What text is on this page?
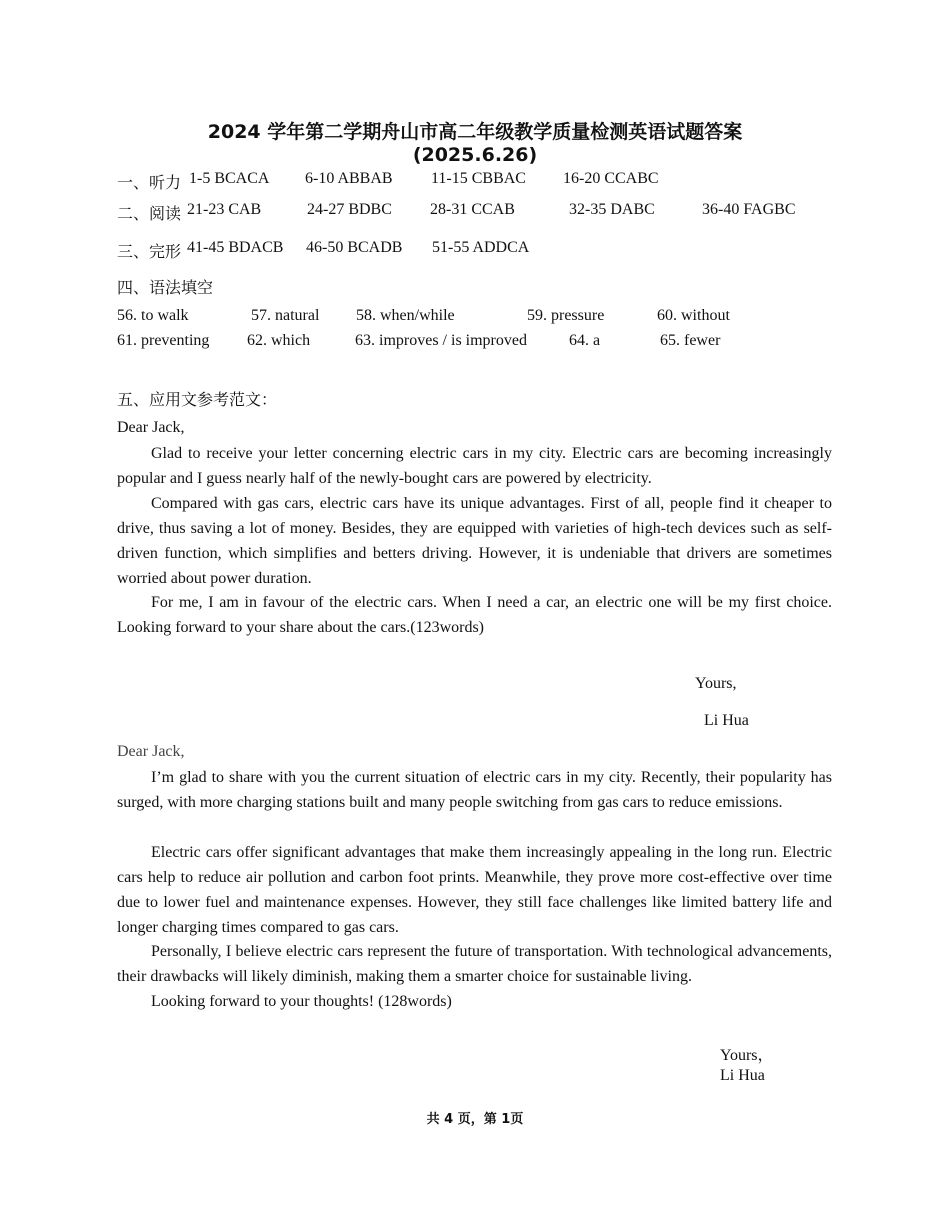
2024 学年第二学期舟山市高二年级教学质量检测英语试题答案
(2025.6.26)
一、听力 1-5 BCACA 6-10 ABBAB 11-15 CBBAC 16-20 CCABC
二、阅读 21-23 CAB	24-27 BDBC 28-31 CCAB	32-35 DABC	36-40 FAGBC
三、完形 41-45 BDACB 46-50 BCADB 51-55 ADDCA
四、语法填空
56. to walk	57. natural 58. when/while	59. pressure	60. without
61. preventing 62. which	63. improves / is improved	64. a	65. fewer
五、应用文参考范文：
Dear Jack,
Glad to receive your letter concerning electric cars in my city. Electric cars are becoming increasingly popular and I guess nearly half of the newly-bought cars are powered by electricity.
Compared with gas cars, electric cars have its unique advantages. First of all, people find it cheaper to drive, thus saving a lot of money. Besides, they are equipped with varieties of high-tech devices such as self-driven function, which simplifies and betters driving. However, it is undeniable that drivers are sometimes worried about power duration.
For me, I am in favour of the electric cars. When I need a car, an electric one will be my first choice. Looking forward to your share about the cars.(123words)
Yours,
Li Hua
Dear Jack,
I’m glad to share with you the current situation of electric cars in my city. Recently, their popularity has surged, with more charging stations built and many people switching from gas cars to reduce emissions.
Electric cars offer significant advantages that make them increasingly appealing in the long run. Electric cars help to reduce air pollution and carbon foot prints. Meanwhile, they prove more cost-effective over time due to lower fuel and maintenance expenses. However, they still face challenges like limited battery life and longer charging times compared to gas cars.
Personally, I believe electric cars represent the future of transportation. With technological advancements, their drawbacks will likely diminish, making them a smarter choice for sustainable living.
Looking forward to your thoughts! (128words)
Yours，
Li Hua
共 4 页，第 1页
